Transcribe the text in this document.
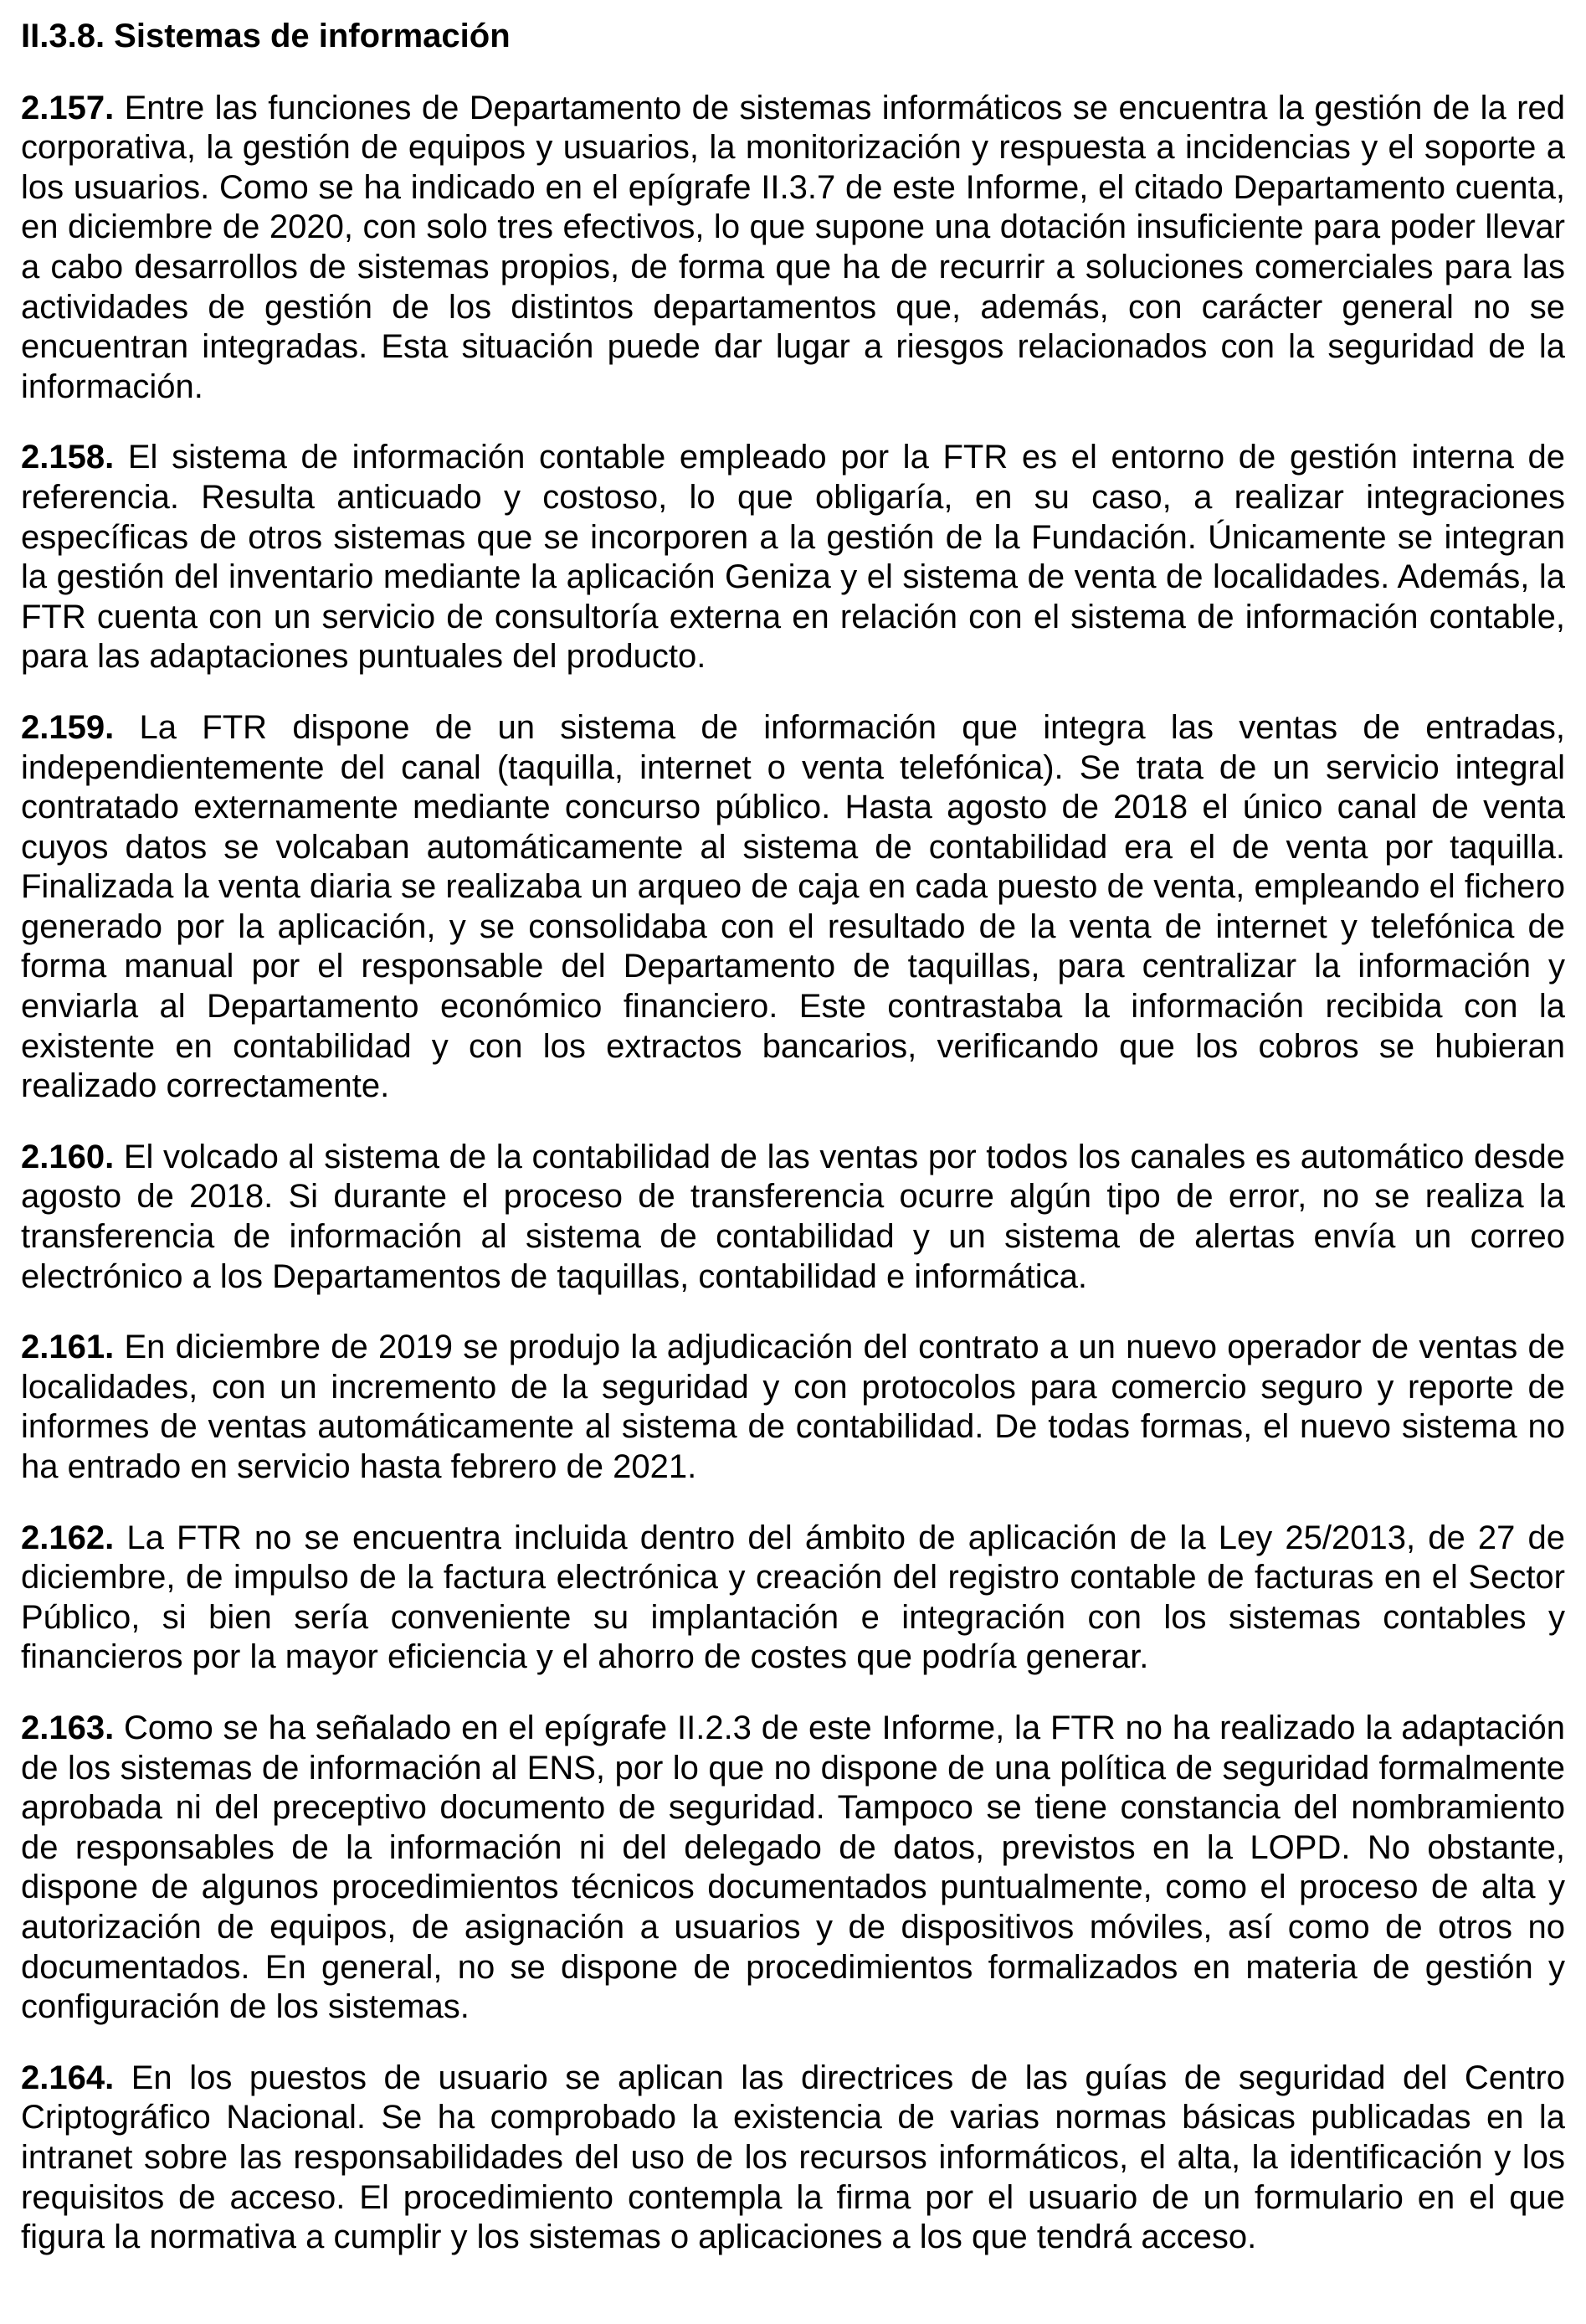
II.3.8. Sistemas de información

2.157. Entre las funciones de Departamento de sistemas informáticos se encuentra la gestión de la red corporativa, la gestión de equipos y usuarios, la monitorización y respuesta a incidencias y el soporte a los usuarios. Como se ha indicado en el epígrafe II.3.7 de este Informe, el citado Departamento cuenta, en diciembre de 2020, con solo tres efectivos, lo que supone una dotación insuficiente para poder llevar a cabo desarrollos de sistemas propios, de forma que ha de recurrir a soluciones comerciales para las actividades de gestión de los distintos departamentos que, además, con carácter general no se encuentran integradas. Esta situación puede dar lugar a riesgos relacionados con la seguridad de la información.

2.158. El sistema de información contable empleado por la FTR es el entorno de gestión interna de referencia. Resulta anticuado y costoso, lo que obligaría, en su caso, a realizar integraciones específicas de otros sistemas que se incorporen a la gestión de la Fundación. Únicamente se integran la gestión del inventario mediante la aplicación Geniza y el sistema de venta de localidades. Además, la FTR cuenta con un servicio de consultoría externa en relación con el sistema de información contable, para las adaptaciones puntuales del producto.

2.159. La FTR dispone de un sistema de información que integra las ventas de entradas, independientemente del canal (taquilla, internet o venta telefónica). Se trata de un servicio integral contratado externamente mediante concurso público. Hasta agosto de 2018 el único canal de venta cuyos datos se volcaban automáticamente al sistema de contabilidad era el de venta por taquilla. Finalizada la venta diaria se realizaba un arqueo de caja en cada puesto de venta, empleando el fichero generado por la aplicación, y se consolidaba con el resultado de la venta de internet y telefónica de forma manual por el responsable del Departamento de taquillas, para centralizar la información y enviarla al Departamento económico financiero. Este contrastaba la información recibida con la existente en contabilidad y con los extractos bancarios, verificando que los cobros se hubieran realizado correctamente.

2.160. El volcado al sistema de la contabilidad de las ventas por todos los canales es automático desde agosto de 2018. Si durante el proceso de transferencia ocurre algún tipo de error, no se realiza la transferencia de información al sistema de contabilidad y un sistema de alertas envía un correo electrónico a los Departamentos de taquillas, contabilidad e informática.

2.161. En diciembre de 2019 se produjo la adjudicación del contrato a un nuevo operador de ventas de localidades, con un incremento de la seguridad y con protocolos para comercio seguro y reporte de informes de ventas automáticamente al sistema de contabilidad. De todas formas, el nuevo sistema no ha entrado en servicio hasta febrero de 2021.

2.162. La FTR no se encuentra incluida dentro del ámbito de aplicación de la Ley 25/2013, de 27 de diciembre, de impulso de la factura electrónica y creación del registro contable de facturas en el Sector Público, si bien sería conveniente su implantación e integración con los sistemas contables y financieros por la mayor eficiencia y el ahorro de costes que podría generar.

2.163. Como se ha señalado en el epígrafe II.2.3 de este Informe, la FTR no ha realizado la adaptación de los sistemas de información al ENS, por lo que no dispone de una política de seguridad formalmente aprobada ni del preceptivo documento de seguridad. Tampoco se tiene constancia del nombramiento de responsables de la información ni del delegado de datos, previstos en la LOPD. No obstante, dispone de algunos procedimientos técnicos documentados puntualmente, como el proceso de alta y autorización de equipos, de asignación a usuarios y de dispositivos móviles, así como de otros no documentados. En general, no se dispone de procedimientos formalizados en materia de gestión y configuración de los sistemas.

2.164. En los puestos de usuario se aplican las directrices de las guías de seguridad del Centro Criptográfico Nacional. Se ha comprobado la existencia de varias normas básicas publicadas en la intranet sobre las responsabilidades del uso de los recursos informáticos, el alta, la identificación y los requisitos de acceso. El procedimiento contempla la firma por el usuario de un formulario en el que figura la normativa a cumplir y los sistemas o aplicaciones a los que tendrá acceso.
